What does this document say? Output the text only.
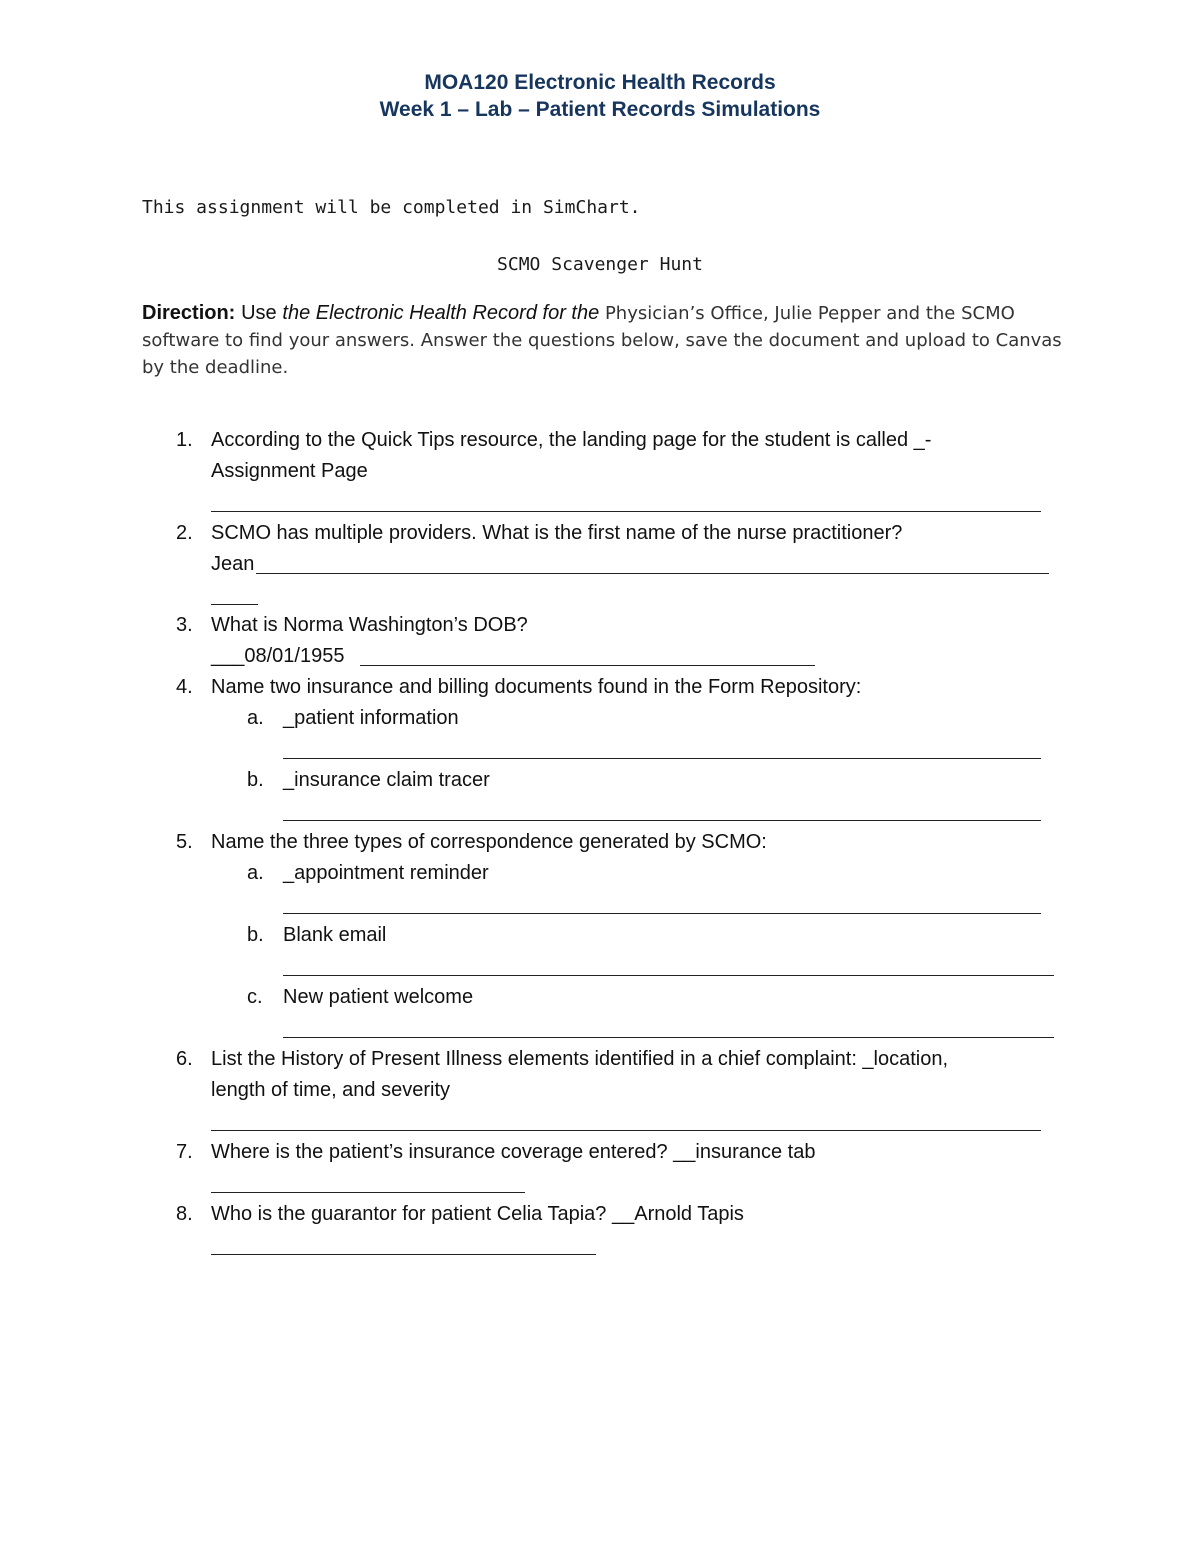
MOA120 Electronic Health Records
Week 1 – Lab – Patient Records Simulations
This assignment will be completed in SimChart.
SCMO Scavenger Hunt
Direction: Use the Electronic Health Record for the Physician’s Office, Julie Pepper and the SCMO software to find your answers. Answer the questions below, save the document and upload to Canvas by the deadline.
1. According to the Quick Tips resource, the landing page for the student is called _-
Assignment Page
2. SCMO has multiple providers. What is the first name of the nurse practitioner?
Jean
3. What is Norma Washington’s DOB?
___08/01/1955
4. Name two insurance and billing documents found in the Form Repository:
a. _patient information
b. _insurance claim tracer
5. Name the three types of correspondence generated by SCMO:
a. _appointment reminder
b. Blank email
c. New patient welcome
6. List the History of Present Illness elements identified in a chief complaint: _location,
length of time, and severity
7. Where is the patient’s insurance coverage entered? __insurance tab
8. Who is the guarantor for patient Celia Tapia? __Arnold Tapis
